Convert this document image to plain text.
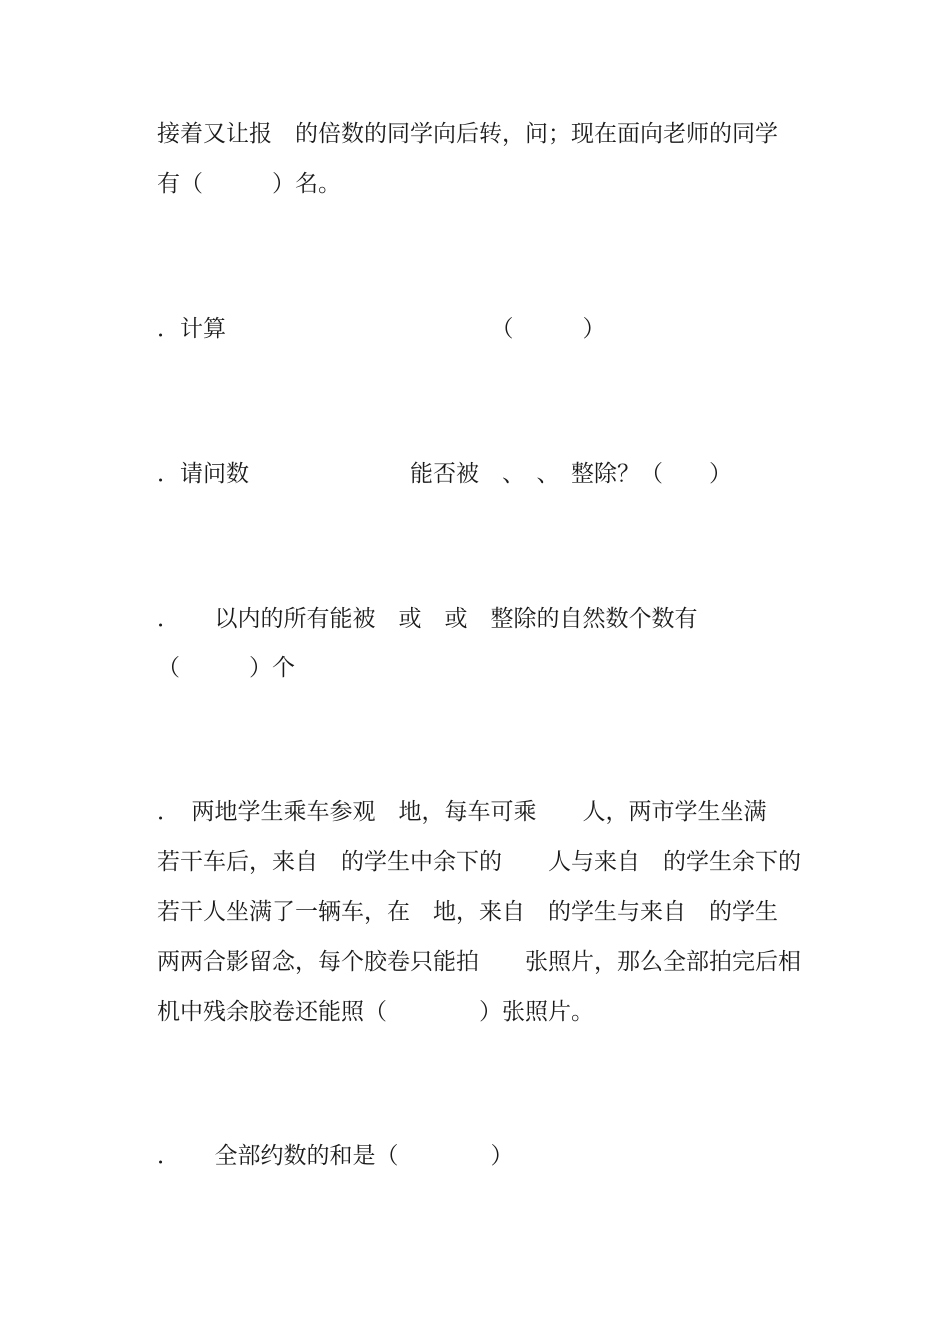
接着又让报　的倍数的同学向后转，问；现在面向老师的同学
有（　　　）名。
．计算　　　　　　　　　　　　（　　　）
．请问数　　　　　　　能否被　、　、　整除？（　　）
．　　以内的所有能被　或　或　整除的自然数个数有
（　　　）个
．　两地学生乘车参观　地，每车可乘　　人，两市学生坐满
若干车后，来自　的学生中余下的　　人与来自　的学生余下的
若干人坐满了一辆车，在　地，来自　的学生与来自　的学生
两两合影留念，每个胶卷只能拍　　张照片，那么全部拍完后相
机中残余胶卷还能照（　　　　）张照片。
．　　全部约数的和是（　　　　）
